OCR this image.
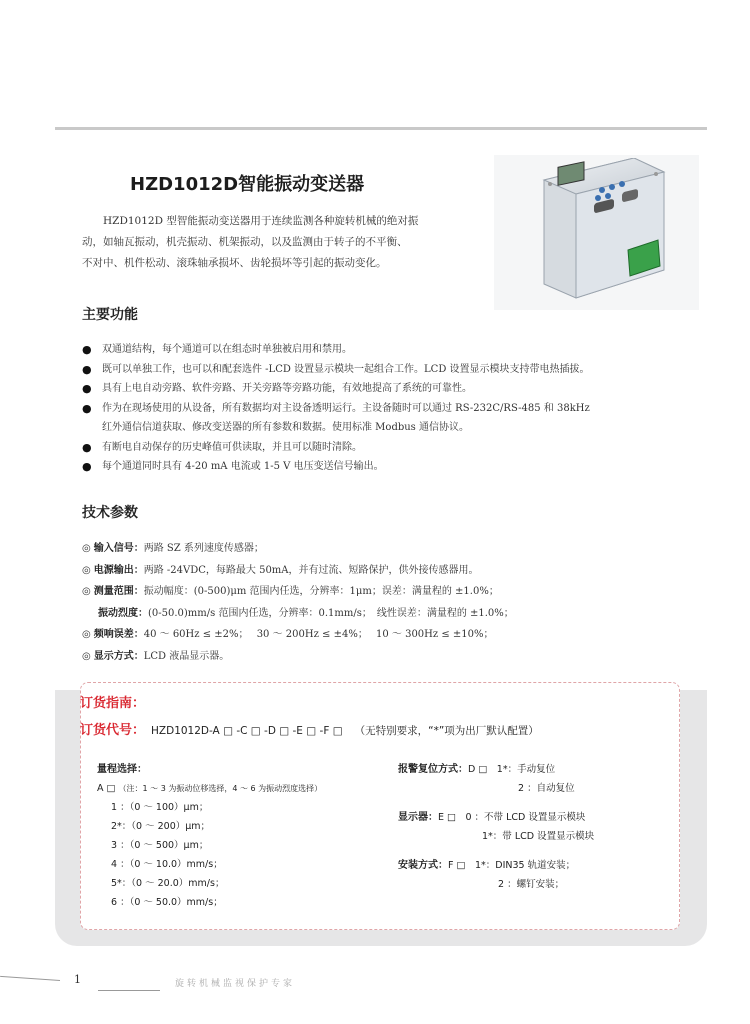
HZD1012D智能振动变送器

　　HZD1012D 型智能振动变送器用于连续监测各种旋转机械的绝对振

动，如轴瓦振动，机壳振动、机架振动，以及监测由于转子的不平衡、

不对中、机件松动、滚珠轴承损坏、齿轮损坏等引起的振动变化。

主要功能
● 双通道结构，每个通道可以在组态时单独被启用和禁用。
● 既可以单独工作，也可以和配套选件 -LCD 设置显示模块一起组合工作。LCD 设置显示模块支持带电热插拔。
● 具有上电自动旁路、软件旁路、开关旁路等旁路功能，有效地提高了系统的可靠性。
● 作为在现场使用的从设备，所有数据均对主设备透明运行。主设备随时可以通过 RS-232C/RS-485 和 38kHz
红外通信信道获取、修改变送器的所有参数和数据。使用标准 Modbus 通信协议。
● 有断电自动保存的历史峰值可供读取，并且可以随时清除。
● 每个通道同时具有 4-20 mA 电流或 1-5 V 电压变送信号输出。
技术参数
◎ 输入信号：两路 SZ 系列速度传感器；
◎ 电源输出：两路 -24VDC，每路最大 50mA，并有过流、短路保护，供外接传感器用。
◎ 测量范围：振动幅度：(0-500)μm 范围内任选，分辨率：1μm；误差：满量程的 ±1.0%；
振动烈度：(0-50.0)mm/s 范围内任选，分辨率：0.1mm/s；　线性误差：满量程的 ±1.0%；
◎ 频响误差：40 ～ 60Hz ≤ ±2%；　 30 ～ 200Hz ≤ ±4%；　 10 ～ 300Hz ≤ ±10%；
◎ 显示方式：LCD 液晶显示器。
订货指南：
订货代号： HZD1012D-A □ -C □ -D □ -E □ -F □ （无特别要求，“*”项为出厂默认配置）
量程选择：
A □ （注：1 ～ 3 为振动位移选择，4 ～ 6 为振动烈度选择）
1 ：（0 ～ 100）μm；
2*：（0 ～ 200）μm；
3 ：（0 ～ 500）μm；
4 ：（0 ～ 10.0）mm/s；
5*：（0 ～ 20.0）mm/s；
6 ：（0 ～ 50.0）mm/s；
报警复位方式：D □　1*：手动复位
2 ：自动复位
显示器：E □　0 ：不带 LCD 设置显示模块
1*：带 LCD 设置显示模块
安装方式：F □　1*：DIN35 轨道安装；
2 ：螺钉安装；
1	旋转机械监视保护专家
